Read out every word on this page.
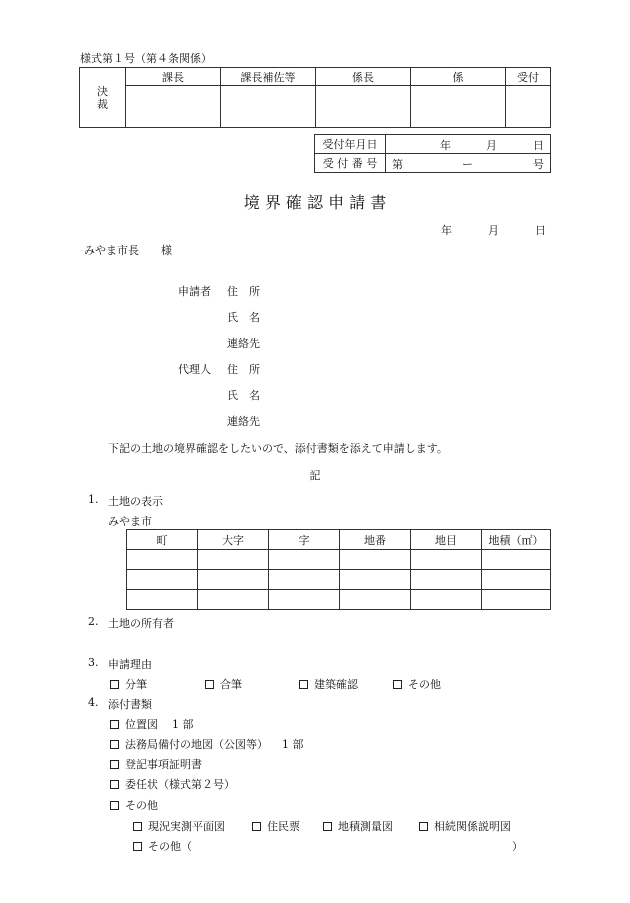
様式第１号（第４条関係）
決
裁	課長	課長補佐等	係長	係	受付

受付年月日	年 月 日

受 付 番 号	第 ー 号
境 界 確 認 申 請 書
年	月	日
みやま市長　　様
申請者 住　所
氏　名
連絡先
代理人 住　所
氏　名
連絡先
下記の土地の境界確認をしたいので、添付書類を添えて申請します。
記
1. 土地の表示
みやま市
町	大字	字	地番	地目	地積（㎡）

2. 土地の所有者
3. 申請理由
分筆	合筆	建築確認	その他
4. 添付書類
位置図 1 部
法務局備付の地図（公図等） 1 部
登記事項証明書
委任状（様式第２号）
その他
現況実測平面図	住民票	地積測量図	相続関係説明図
その他（	）
